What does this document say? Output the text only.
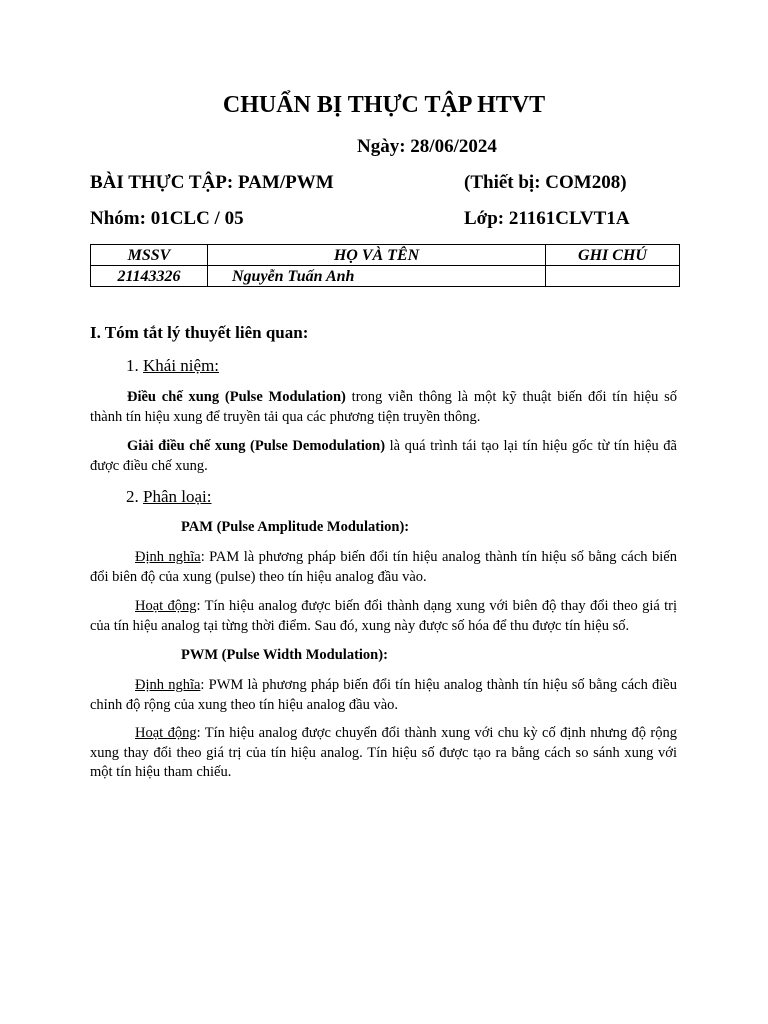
CHUẨN BỊ THỰC TẬP HTVT
Ngày: 28/06/2024
BÀI THỰC TẬP: PAM/PWM	(Thiết bị: COM208)
Nhóm: 01CLC / 05	Lớp: 21161CLVT1A
MSSV	HỌ VÀ TÊN	GHI CHÚ
21143326	Nguyễn Tuấn Anh	
I. Tóm tắt lý thuyết liên quan:
1. Khái niệm:

Điều chế xung (Pulse Modulation) trong viễn thông là một kỹ thuật biến đổi tín hiệu số thành tín hiệu xung để truyền tải qua các phương tiện truyền thông.

Giải điều chế xung (Pulse Demodulation) là quá trình tái tạo lại tín hiệu gốc từ tín hiệu đã được điều chế xung.

2. Phân loại:
PAM (Pulse Amplitude Modulation):

Định nghĩa: PAM là phương pháp biến đổi tín hiệu analog thành tín hiệu số bằng cách biến đổi biên độ của xung (pulse) theo tín hiệu analog đầu vào.

Hoạt động: Tín hiệu analog được biến đổi thành dạng xung với biên độ thay đổi theo giá trị của tín hiệu analog tại từng thời điểm. Sau đó, xung này được số hóa để thu được tín hiệu số.

PWM (Pulse Width Modulation):

Định nghĩa: PWM là phương pháp biến đổi tín hiệu analog thành tín hiệu số bằng cách điều chỉnh độ rộng của xung theo tín hiệu analog đầu vào.

Hoạt động: Tín hiệu analog được chuyển đổi thành xung với chu kỳ cố định nhưng độ rộng xung thay đổi theo giá trị của tín hiệu analog. Tín hiệu số được tạo ra bằng cách so sánh xung với một tín hiệu tham chiếu.
